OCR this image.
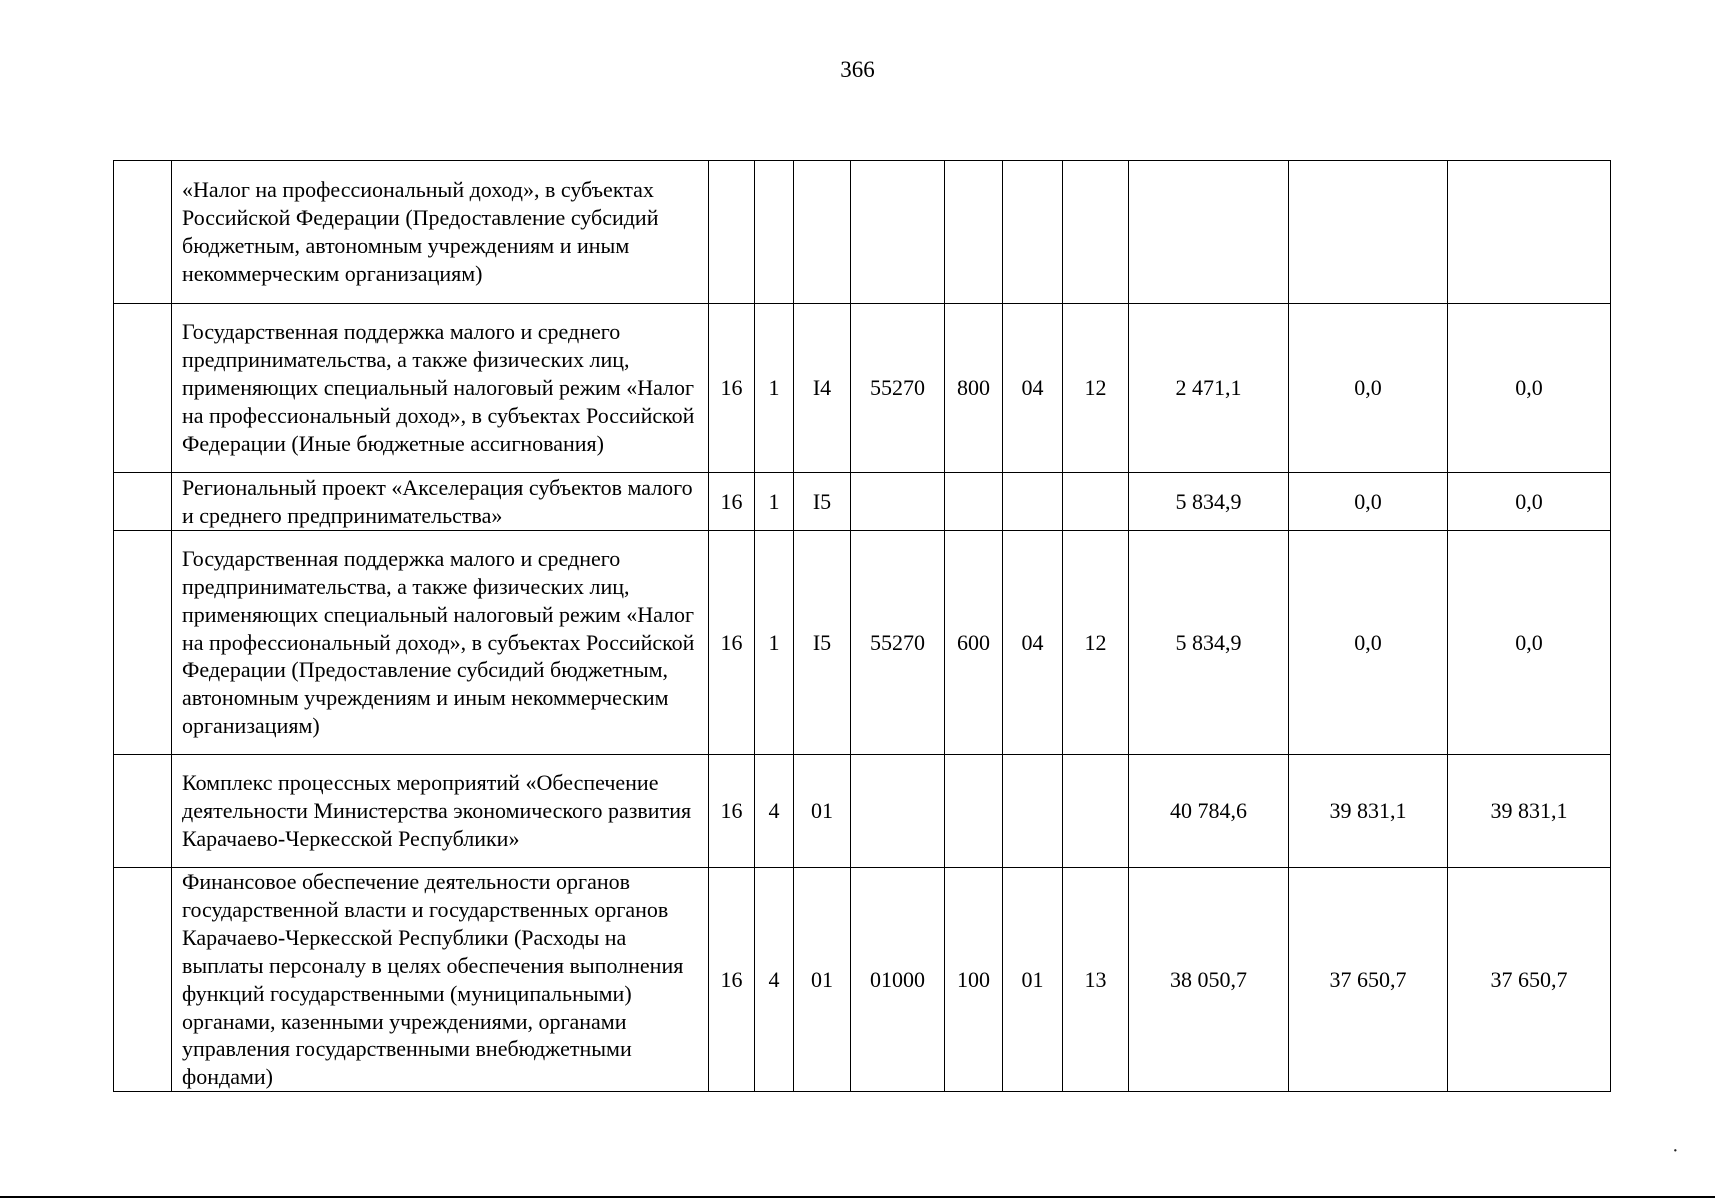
366
	«Налог на профессиональный доход», в субъектах Российской Федерации (Предоставление субсидий бюджетным, автономным учреждениям и иным некоммерческим организациям)										
	Государственная поддержка малого и среднего предпринимательства, а также физических лиц, применяющих специальный налоговый режим «Налог на профессиональный доход», в субъектах Российской Федерации (Иные бюджетные ассигнования)	16	1	I4	55270	800	04	12	2 471,1	0,0	0,0
	Региональный проект «Акселерация субъектов малого и среднего предпринимательства»	16	1	I5					5 834,9	0,0	0,0
	Государственная поддержка малого и среднего предпринимательства, а также физических лиц, применяющих специальный налоговый режим «Налог на профессиональный доход», в субъектах Российской Федерации (Предоставление субсидий бюджетным, автономным учреждениям и иным некоммерческим организациям)	16	1	I5	55270	600	04	12	5 834,9	0,0	0,0
	Комплекс процессных мероприятий «Обеспечение деятельности Министерства экономического развития Карачаево-Черкесской Республики»	16	4	01					40 784,6	39 831,1	39 831,1
	Финансовое обеспечение деятельности органов государственной власти и государственных органов Карачаево-Черкесской Республики (Расходы на выплаты персоналу в целях обеспечения выполнения функций государственными (муниципальными) органами, казенными учреждениями, органами управления государственными внебюджетными фондами)	16	4	01	01000	100	01	13	38 050,7	37 650,7	37 650,7
·
